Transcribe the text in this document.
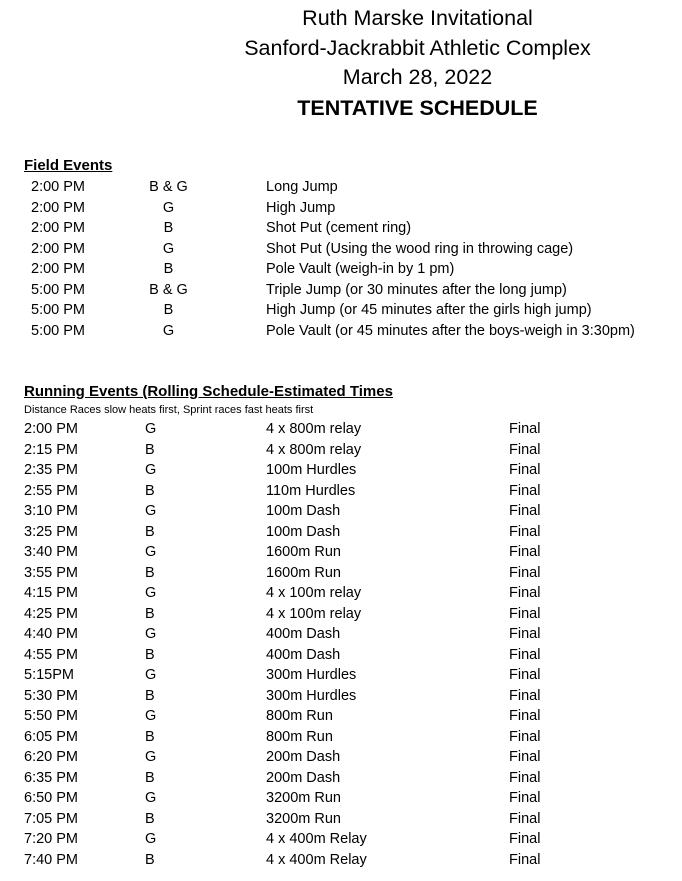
Ruth Marske Invitational
Sanford-Jackrabbit Athletic Complex
March 28, 2022
TENTATIVE SCHEDULE
Field Events
2:00 PM	B & G	Long Jump
2:00 PM	G	High Jump
2:00 PM	B	Shot Put (cement ring)
2:00 PM	G	Shot Put (Using the wood ring in throwing cage)
2:00 PM	B	Pole Vault (weigh-in by 1 pm)
5:00 PM	B & G	Triple Jump (or 30 minutes after the long jump)
5:00 PM	B	High Jump (or 45 minutes after the girls high jump)
5:00 PM	G	Pole Vault (or 45 minutes after the boys-weigh in 3:30pm)
Running Events (Rolling Schedule-Estimated Times
Distance Races slow heats first, Sprint races fast heats first
2:00 PM	G	4 x 800m relay	Final
2:15 PM	B	4 x 800m relay	Final
2:35 PM	G	100m Hurdles	Final
2:55 PM	B	110m Hurdles	Final
3:10 PM	G	100m Dash	Final
3:25 PM	B	100m Dash	Final
3:40 PM	G	1600m Run	Final
3:55 PM	B	1600m Run	Final
4:15 PM	G	4 x 100m relay	Final
4:25 PM	B	4 x 100m relay	Final
4:40 PM	G	400m Dash	Final
4:55 PM	B	400m Dash	Final
5:15PM	G	300m Hurdles	Final
5:30 PM	B	300m Hurdles	Final
5:50 PM	G	800m Run	Final
6:05 PM	B	800m Run	Final
6:20 PM	G	200m Dash	Final
6:35 PM	B	200m Dash	Final
6:50 PM	G	3200m Run	Final
7:05 PM	B	3200m Run	Final
7:20 PM	G	4 x 400m Relay	Final
7:40 PM	B	4 x 400m Relay	Final
